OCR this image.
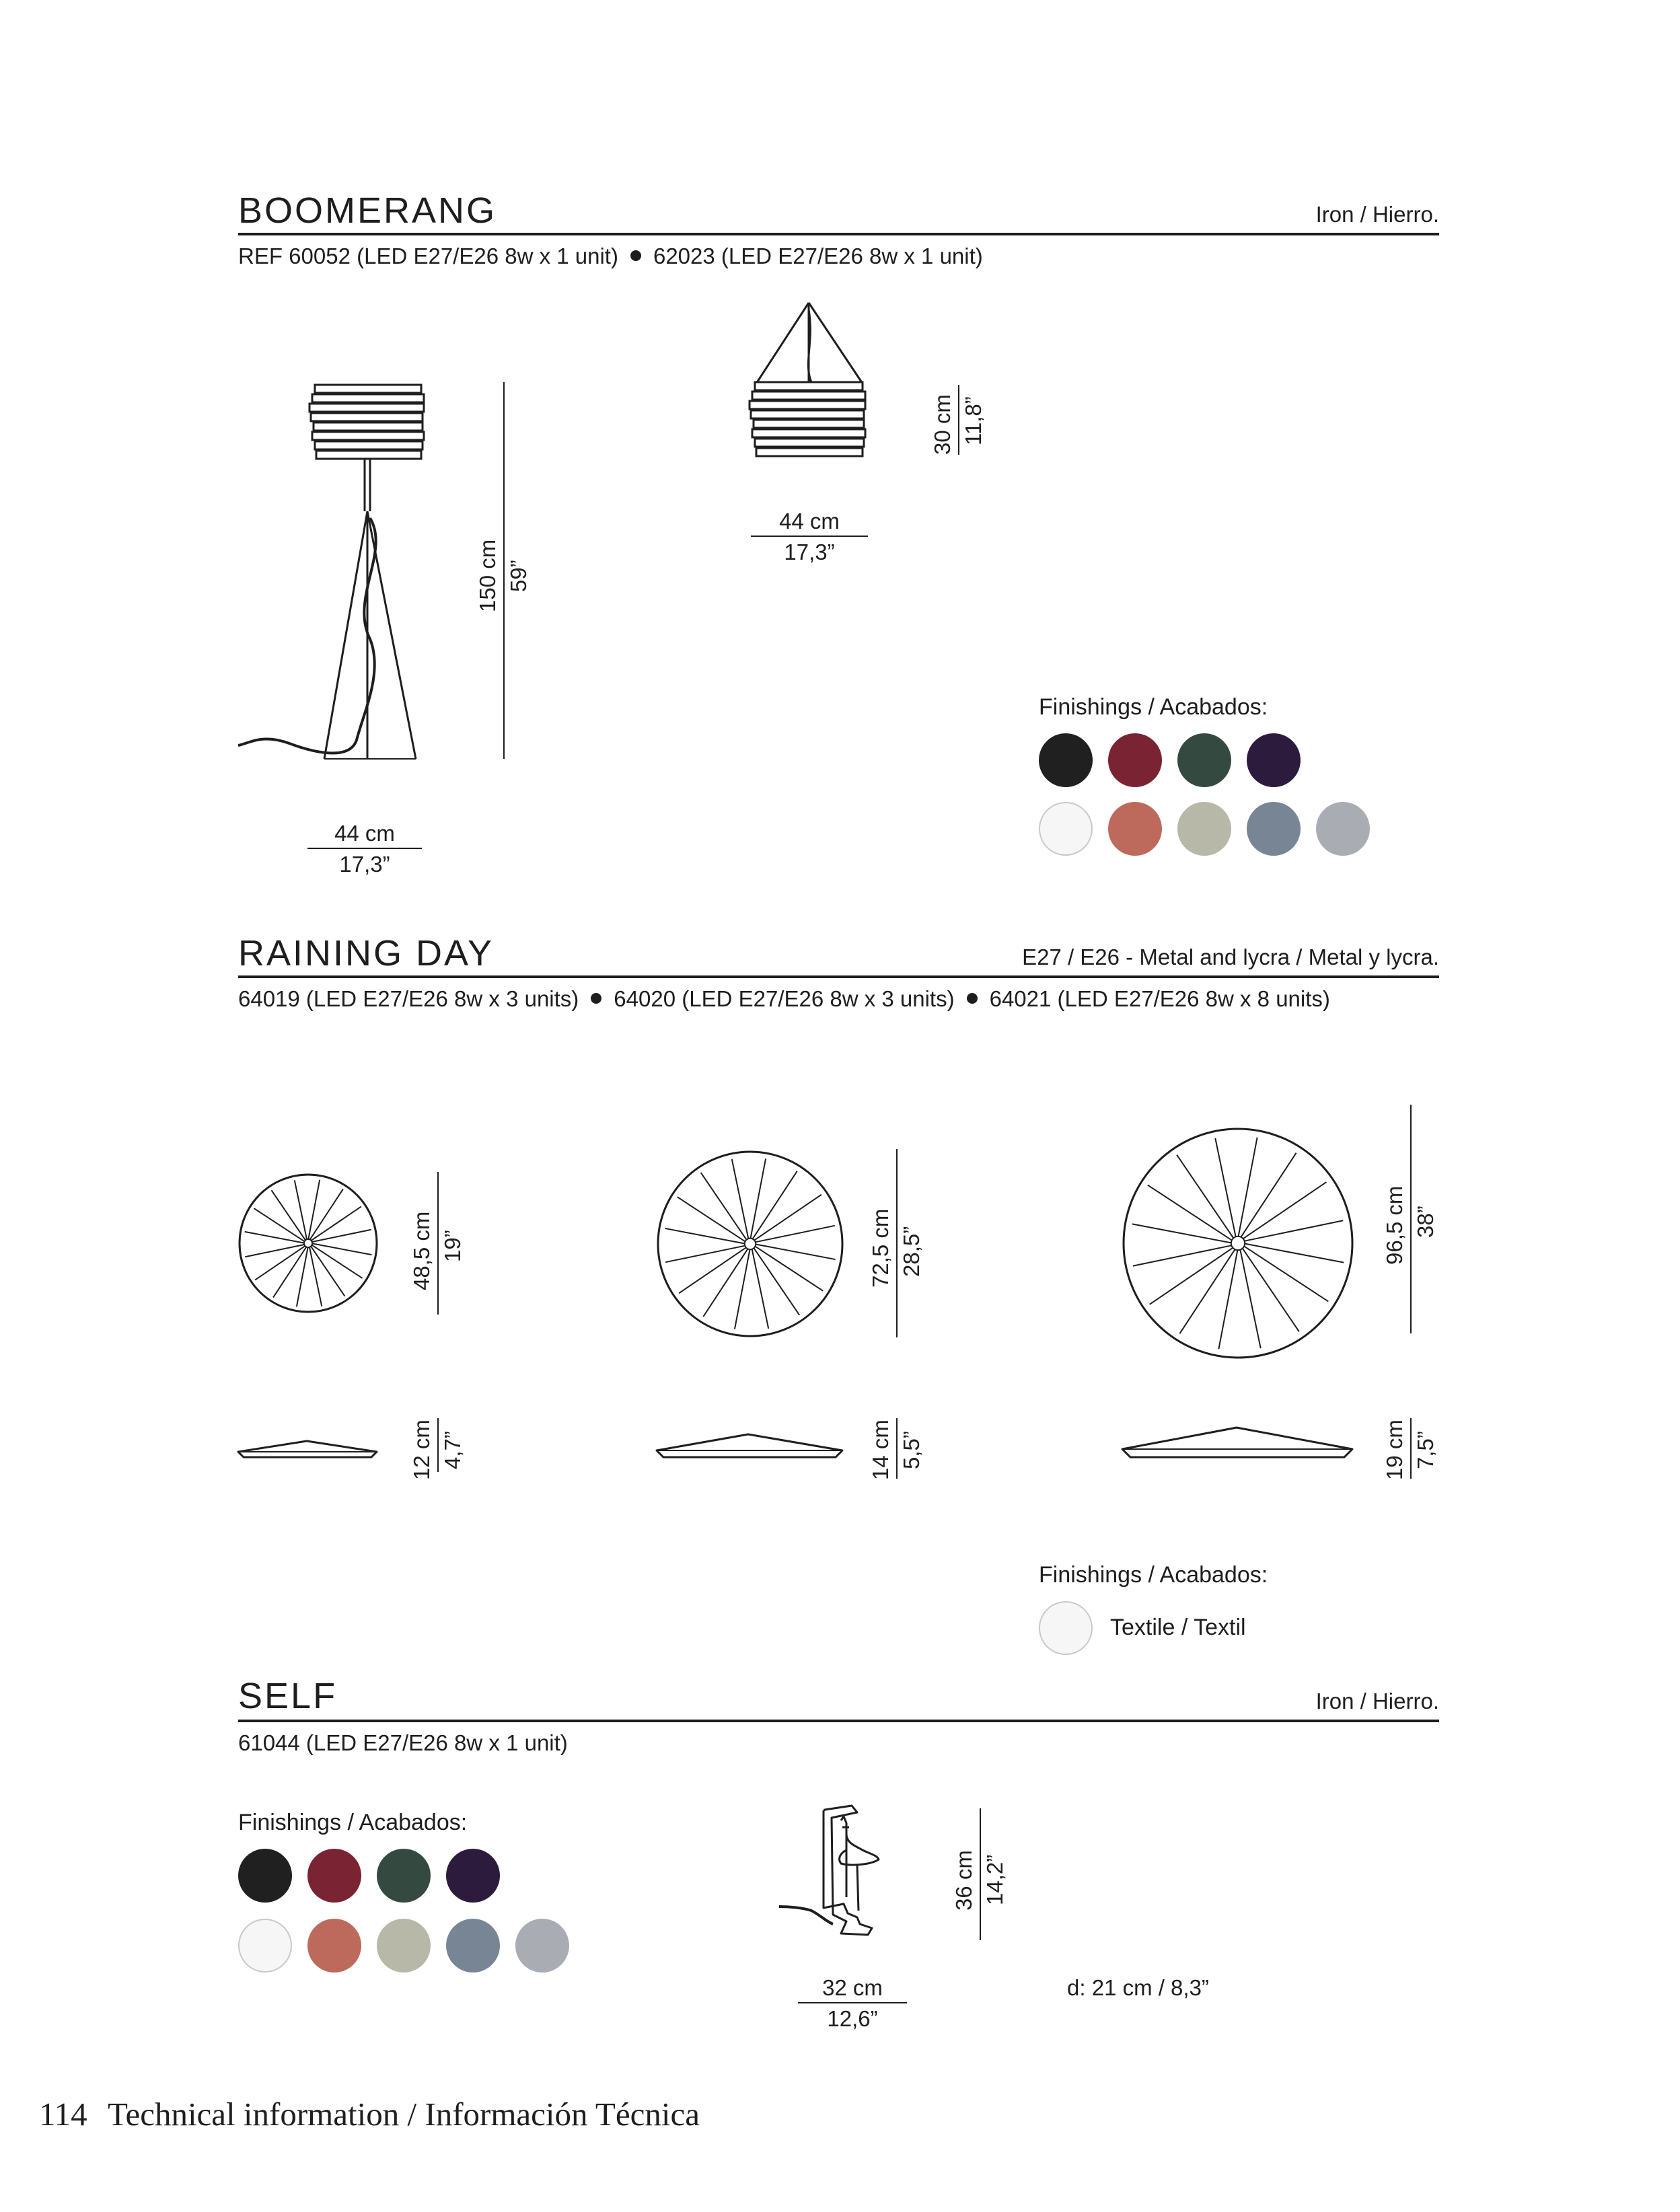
BOOMERANG	Iron / Hierro.
REF 60052 (LED E27/E26 8w x 1 unit) 62023 (LED E27/E26 8w x 1 unit)
150 cm 59”
44 cm
17,3”
30 cm 11,8”
44 cm
17,3”
Finishings / Acabados:
RAINING DAY	E27 / E26 - Metal and lycra / Metal y lycra.
64019 (LED E27/E26 8w x 3 units) 64020 (LED E27/E26 8w x 3 units) 64021 (LED E27/E26 8w x 8 units)
48,5 cm 19”
12 cm 4,7”
72,5 cm 28,5”
14 cm 5,5”
96,5 cm 38”
19 cm 7,5”
Finishings / Acabados:
Textile / Textil
SELF	Iron / Hierro.
61044 (LED E27/E26 8w x 1 unit)
Finishings / Acabados:
36 cm 14,2”
32 cm
12,6”
d: 21 cm / 8,3”
114 Technical information / Información Técnica
